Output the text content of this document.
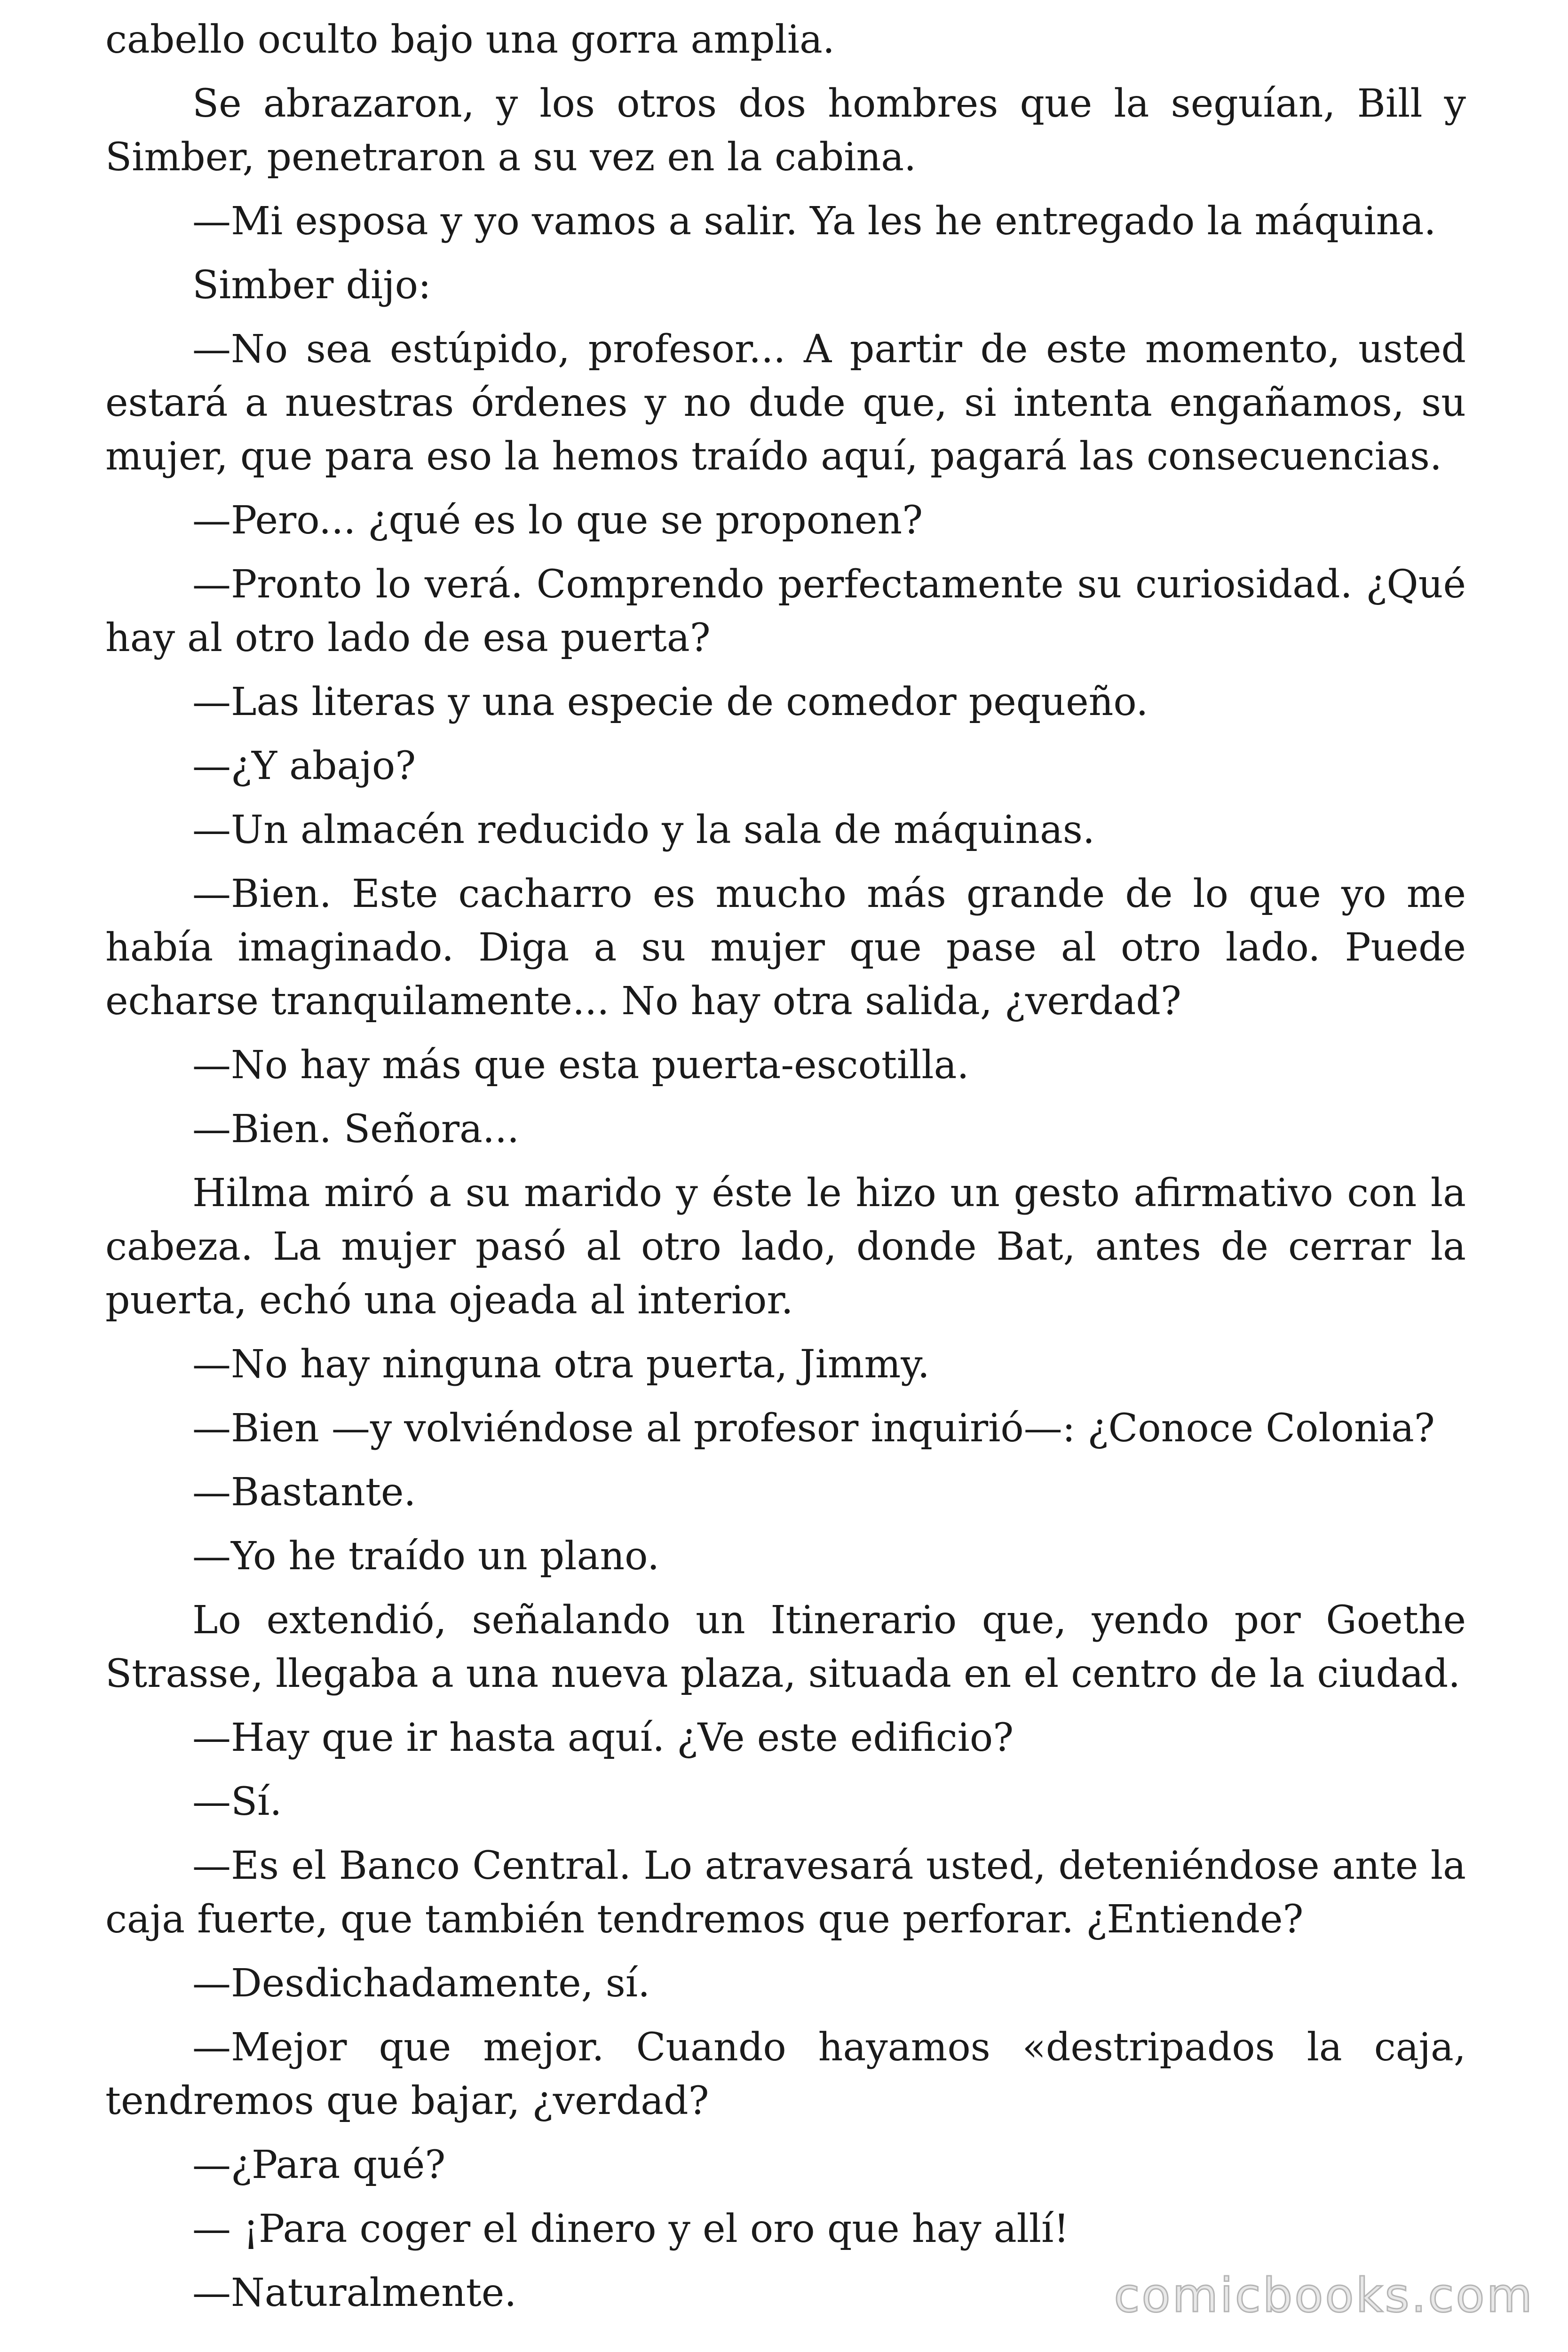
cabello oculto bajo una gorra amplia.

Se abrazaron, y los otros dos hombres que la seguían, Bill y Simber, penetraron a su vez en la cabina.

—Mi esposa y yo vamos a salir. Ya les he entregado la máquina.

Simber dijo:

—No sea estúpido, profesor... A partir de este momento, usted estará a nuestras órdenes y no dude que, si intenta engañamos, su mujer, que para eso la hemos traído aquí, pagará las consecuencias.

—Pero... ¿qué es lo que se proponen?

—Pronto lo verá. Comprendo perfectamente su curiosidad. ¿Qué hay al otro lado de esa puerta?

—Las literas y una especie de comedor pequeño.

—¿Y abajo?

—Un almacén reducido y la sala de máquinas.

—Bien. Este cacharro es mucho más grande de lo que yo me había imaginado. Diga a su mujer que pase al otro lado. Puede echarse tranquilamente... No hay otra salida, ¿verdad?

—No hay más que esta puerta-escotilla.

—Bien. Señora...

Hilma miró a su marido y éste le hizo un gesto afirmativo con la cabeza. La mujer pasó al otro lado, donde Bat, antes de cerrar la puerta, echó una ojeada al interior.

—No hay ninguna otra puerta, Jimmy.

—Bien —y volviéndose al profesor inquirió—: ¿Conoce Colonia?

—Bastante.

—Yo he traído un plano.

Lo extendió, señalando un Itinerario que, yendo por Goethe Strasse, llegaba a una nueva plaza, situada en el centro de la ciudad.

—Hay que ir hasta aquí. ¿Ve este edificio?

—Sí.

—Es el Banco Central. Lo atravesará usted, deteniéndose ante la caja fuerte, que también tendremos que perforar. ¿Entiende?

—Desdichadamente, sí.

—Mejor que mejor. Cuando hayamos «destripados la caja, tendremos que bajar, ¿verdad?

—¿Para qué?

— ¡Para coger el dinero y el oro que hay allí!

—Naturalmente.	comicbooks.com
